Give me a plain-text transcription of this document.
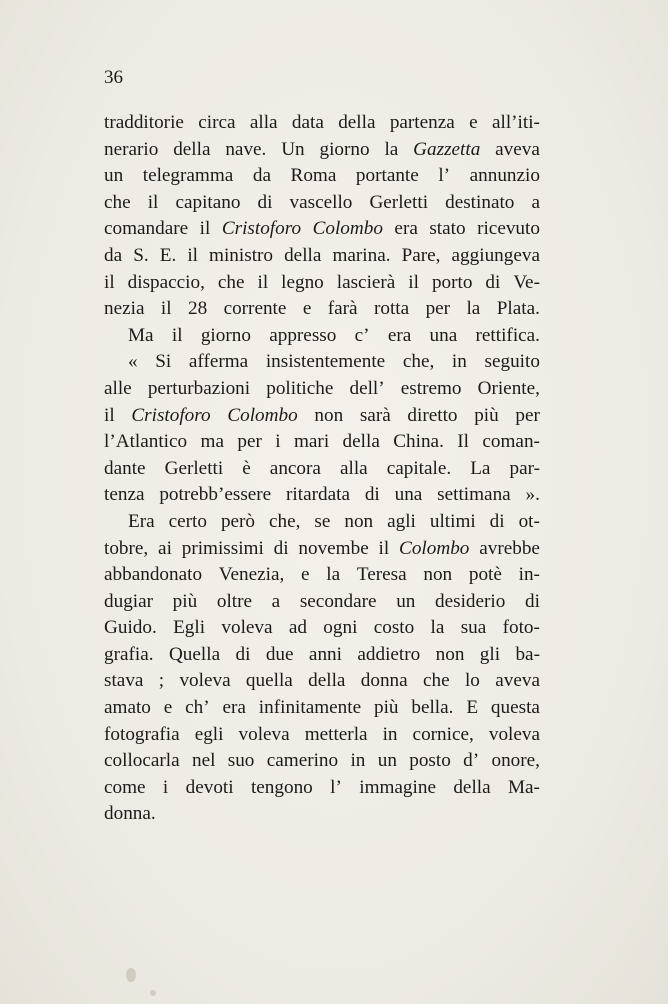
36
tradditorie circa alla data della partenza e all’iti-
nerario della nave. Un giorno la Gazzetta aveva
un telegramma da Roma portante l’ annunzio
che il capitano di vascello Gerletti destinato a
comandare il Cristoforo Colombo era stato ricevuto
da S. E. il ministro della marina. Pare, aggiungeva
il dispaccio, che il legno lascierà il porto di Ve-
nezia il 28 corrente e farà rotta per la Plata.
Ma il giorno appresso c’ era una rettifica.
« Si afferma insistentemente che, in seguito
alle perturbazioni politiche dell’ estremo Oriente,
il Cristoforo Colombo non sarà diretto più per
l’Atlantico ma per i mari della China. Il coman-
dante Gerletti è ancora alla capitale. La par-
tenza potrebb’essere ritardata di una settimana ».
Era certo però che, se non agli ultimi di ot-
tobre, ai primissimi di novembe il Colombo avrebbe
abbandonato Venezia, e la Teresa non potè in-
dugiar più oltre a secondare un desiderio di
Guido. Egli voleva ad ogni costo la sua foto-
grafia. Quella di due anni addietro non gli ba-
stava ; voleva quella della donna che lo aveva
amato e ch’ era infinitamente più bella. E questa
fotografia egli voleva metterla in cornice, voleva
collocarla nel suo camerino in un posto d’ onore,
come i devoti tengono l’ immagine della Ma-
donna.
